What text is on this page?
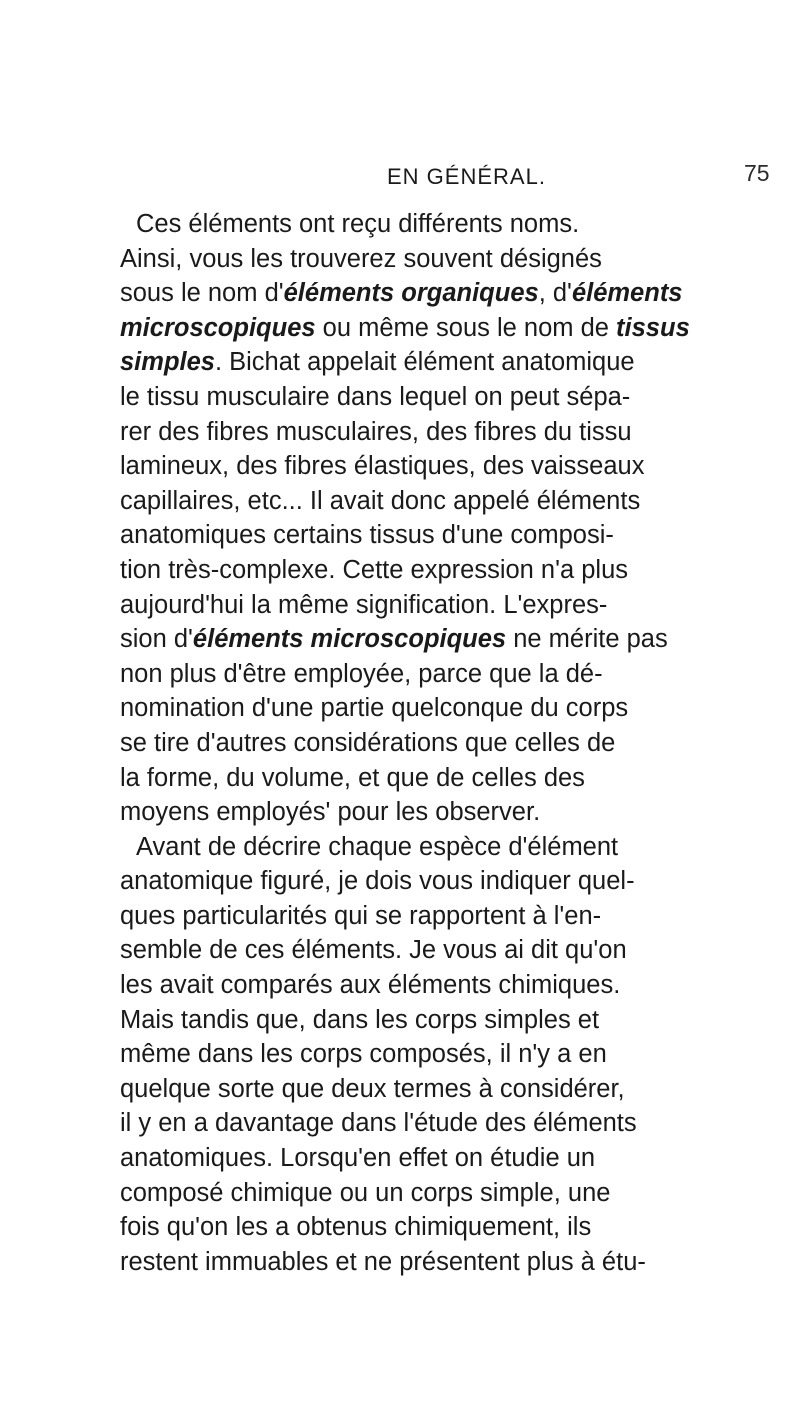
EN GÉNÉRAL.	75
Ces éléments ont reçu différents noms.
Ainsi, vous les trouverez souvent désignés
sous le nom d'éléments organiques, d'éléments
microscopiques ou même sous le nom de tissus
simples. Bichat appelait élément anatomique
le tissu musculaire dans lequel on peut sépa-
rer des fibres musculaires, des fibres du tissu
lamineux, des fibres élastiques, des vaisseaux
capillaires, etc... Il avait donc appelé éléments
anatomiques certains tissus d'une composi-
tion très-complexe. Cette expression n'a plus
aujourd'hui la même signification. L'expres-
sion d'éléments microscopiques ne mérite pas
non plus d'être employée, parce que la dé-
nomination d'une partie quelconque du corps
se tire d'autres considérations que celles de
la forme, du volume, et que de celles des
moyens employés' pour les observer.
Avant de décrire chaque espèce d'élément
anatomique figuré, je dois vous indiquer quel-
ques particularités qui se rapportent à l'en-
semble de ces éléments. Je vous ai dit qu'on
les avait comparés aux éléments chimiques.
Mais tandis que, dans les corps simples et
même dans les corps composés, il n'y a en
quelque sorte que deux termes à considérer,
il y en a davantage dans l'étude des éléments
anatomiques. Lorsqu'en effet on étudie un
composé chimique ou un corps simple, une
fois qu'on les a obtenus chimiquement, ils
restent immuables et ne présentent plus à étu-
